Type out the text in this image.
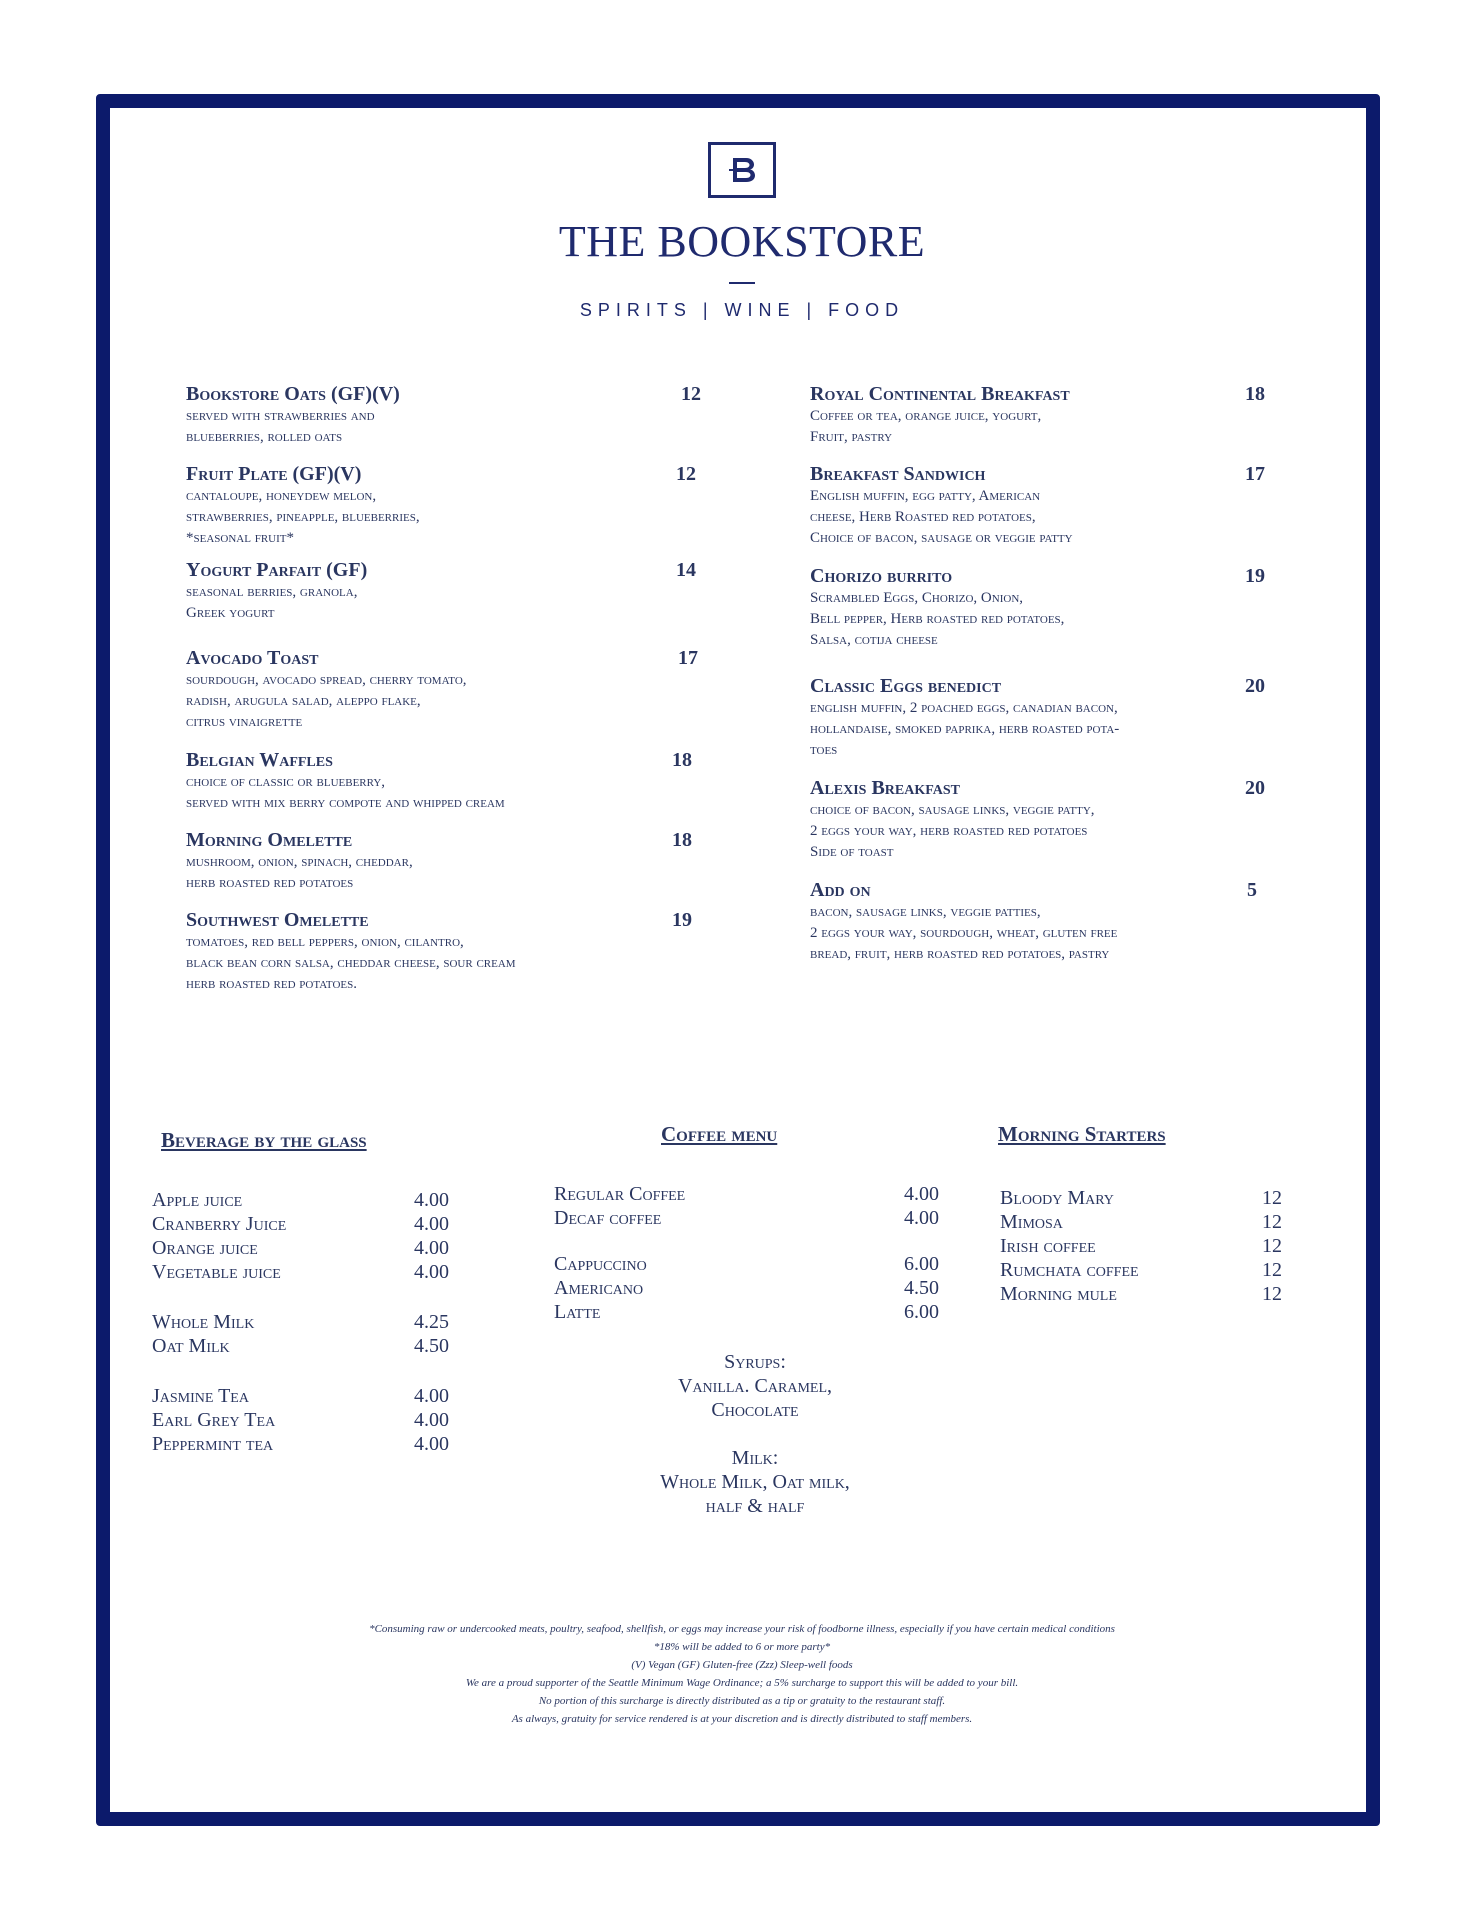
THE BOOKSTORE
SPIRITS | WINE | FOOD
Bookstore Oats (GF)(V)	12
served with strawberries and
blueberries, rolled oats
Fruit Plate (GF)(V)	12
cantaloupe, honeydew melon,
strawberries, pineapple, blueberries,
*seasonal fruit*
Yogurt Parfait (GF)	14
seasonal berries, granola,
Greek yogurt
Avocado Toast	17
sourdough, avocado spread, cherry tomato,
radish, arugula salad, aleppo flake,
citrus vinaigrette
Belgian Waffles	18
choice of classic or blueberry,
served with mix berry compote and whipped cream
Morning Omelette	18
mushroom, onion, spinach, cheddar,
herb roasted red potatoes
Southwest Omelette	19
tomatoes, red bell peppers, onion, cilantro,
black bean corn salsa, cheddar cheese, sour cream
herb roasted red potatoes.
Royal Continental Breakfast	18
Coffee or tea, orange juice, yogurt,
Fruit, pastry
Breakfast Sandwich	17
English muffin, egg patty, American
cheese, Herb Roasted red potatoes,
Choice of bacon, sausage or veggie patty
Chorizo burrito	19
Scrambled Eggs, Chorizo, Onion,
Bell pepper, Herb roasted red potatoes,
Salsa, cotija cheese
Classic Eggs benedict	20
english muffin, 2 poached eggs, canadian bacon,
hollandaise, smoked paprika, herb roasted pota-
toes
Alexis Breakfast	20
choice of bacon, sausage links, veggie patty,
2 eggs your way, herb roasted red potatoes
Side of toast
Add on	5
bacon, sausage links, veggie patties,
2 eggs your way, sourdough, wheat, gluten free
bread, fruit, herb roasted red potatoes, pastry
Beverage by the glass
Apple juice	4.00
Cranberry Juice	4.00
Orange juice	4.00
Vegetable juice	4.00
Whole Milk	4.25
Oat Milk	4.50
Jasmine Tea	4.00
Earl Grey Tea	4.00
Peppermint tea	4.00
Coffee menu
Regular Coffee	4.00
Decaf coffee	4.00
Cappuccino	6.00
Americano	4.50
Latte	6.00
Syrups:
Vanilla. Caramel,
Chocolate
Milk:
Whole Milk, Oat milk,
half & half
Morning Starters
Bloody Mary	12
Mimosa	12
Irish coffee	12
Rumchata coffee	12
Morning mule	12
*Consuming raw or undercooked meats, poultry, seafood, shellfish, or eggs may increase your risk of foodborne illness, especially if you have certain medical conditions
*18% will be added to 6 or more party*
(V) Vegan (GF) Gluten-free (Zzz) Sleep-well foods
We are a proud supporter of the Seattle Minimum Wage Ordinance; a 5% surcharge to support this will be added to your bill.
No portion of this surcharge is directly distributed as a tip or gratuity to the restaurant staff.
As always, gratuity for service rendered is at your discretion and is directly distributed to staff members.
